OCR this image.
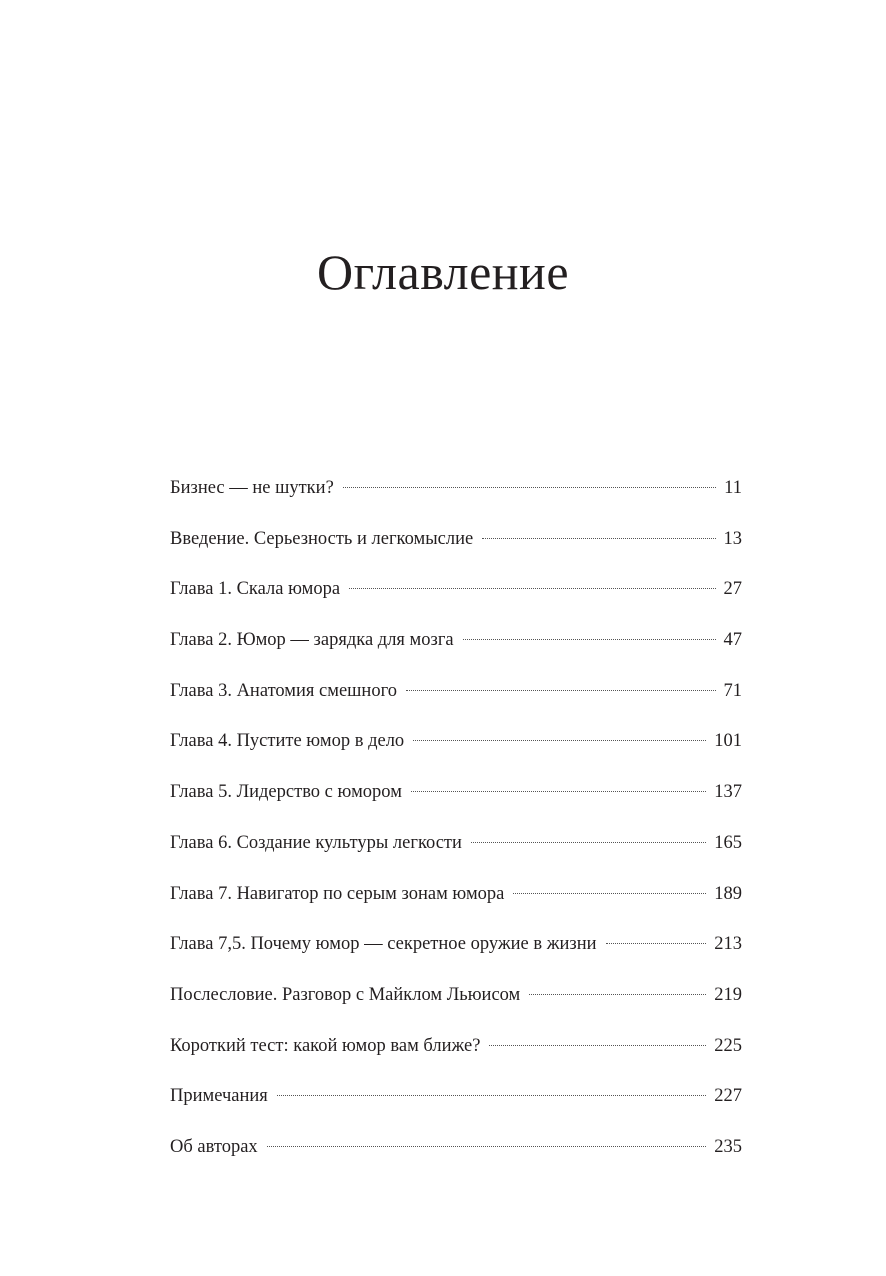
Оглавление
Бизнес — не шутки?	11
Введение. Серьезность и легкомыслие	13
Глава 1. Скала юмора	27
Глава 2. Юмор — зарядка для мозга	47
Глава 3. Анатомия смешного	71
Глава 4. Пустите юмор в дело	101
Глава 5. Лидерство с юмором	137
Глава 6. Создание культуры легкости	165
Глава 7. Навигатор по серым зонам юмора	189
Глава 7,5. Почему юмор — секретное оружие в жизни	213
Послесловие. Разговор с Майклом Льюисом	219
Короткий тест: какой юмор вам ближе?	225
Примечания	227
Об авторах	235
